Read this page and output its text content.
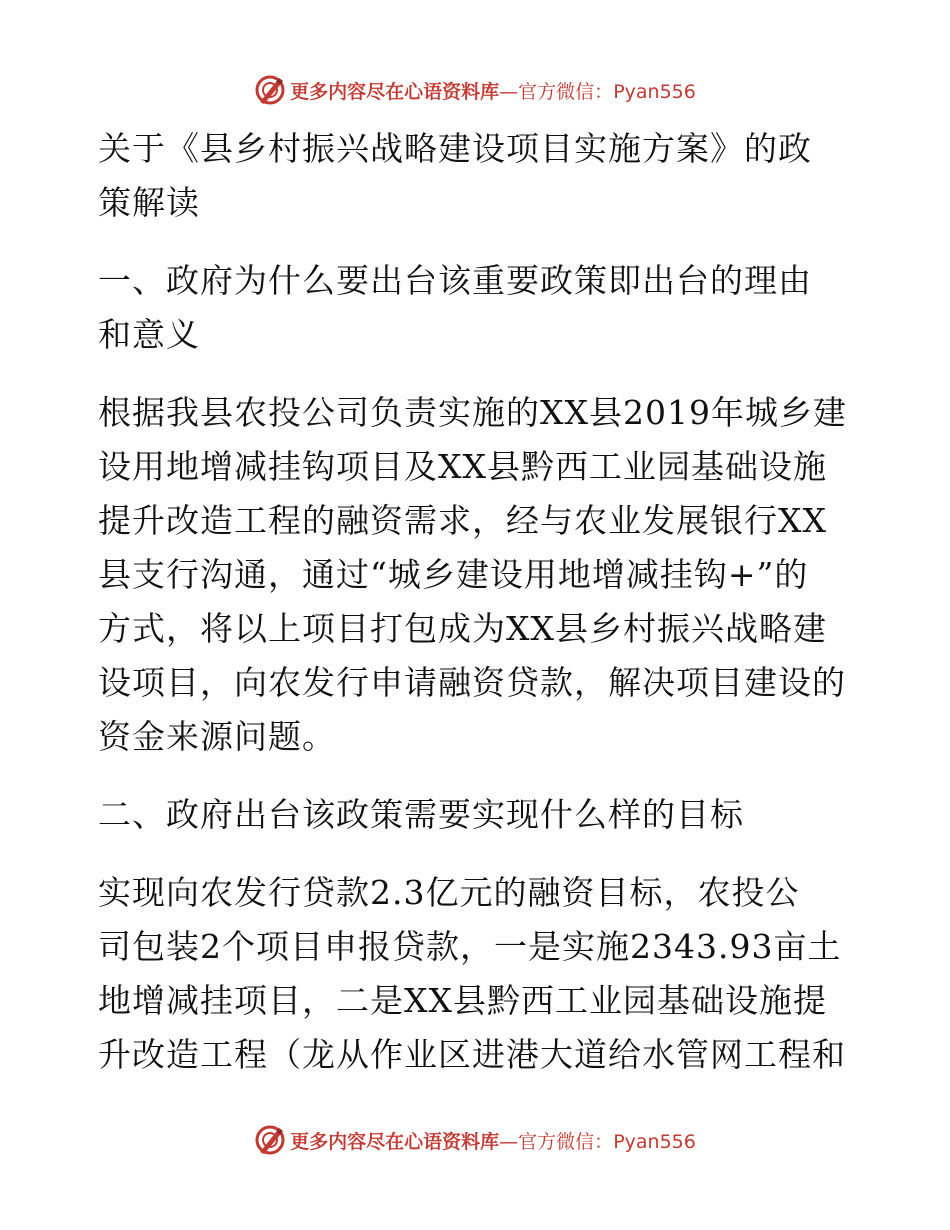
更多内容尽在心语资料库—官方微信：Pyan556
关于《县乡村振兴战略建设项目实施方案》的政
策解读
一、政府为什么要出台该重要政策即出台的理由
和意义
根据我县农投公司负责实施的XX县2019年城乡建
设用地增减挂钩项目及XX县黔西工业园基础设施
提升改造工程的融资需求，经与农业发展银行XX
县支行沟通，通过“城乡建设用地增减挂钩+”的
方式，将以上项目打包成为XX县乡村振兴战略建
设项目，向农发行申请融资贷款，解决项目建设的
资金来源问题。
二、政府出台该政策需要实现什么样的目标
实现向农发行贷款2.3亿元的融资目标，农投公
司包装2个项目申报贷款，一是实施2343.93亩土
地增减挂项目，二是XX县黔西工业园基础设施提
升改造工程（龙从作业区进港大道给水管网工程和
更多内容尽在心语资料库—官方微信：Pyan556
